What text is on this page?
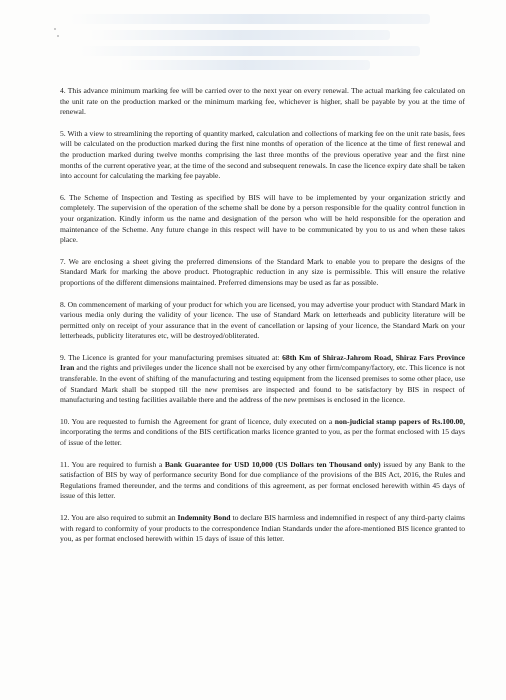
4. This advance minimum marking fee will be carried over to the next year on every renewal. The actual marking fee calculated on the unit rate on the production marked or the minimum marking fee, whichever is higher, shall be payable by you at the time of renewal.

5. With a view to streamlining the reporting of quantity marked, calculation and collections of marking fee on the unit rate basis, fees will be calculated on the production marked during the first nine months of operation of the licence at the time of first renewal and the production marked during twelve months comprising the last three months of the previous operative year and the first nine months of the current operative year, at the time of the second and subsequent renewals. In case the licence expiry date shall be taken into account for calculating the marking fee payable.

6. The Scheme of Inspection and Testing as specified by BIS will have to be implemented by your organization strictly and completely. The supervision of the operation of the scheme shall be done by a person responsible for the quality control function in your organization. Kindly inform us the name and designation of the person who will be held responsible for the operation and maintenance of the Scheme. Any future change in this respect will have to be communicated by you to us and when these takes place.

7. We are enclosing a sheet giving the preferred dimensions of the Standard Mark to enable you to prepare the designs of the Standard Mark for marking the above product. Photographic reduction in any size is permissible. This will ensure the relative proportions of the different dimensions maintained. Preferred dimensions may be used as far as possible.

8. On commencement of marking of your product for which you are licensed, you may advertise your product with Standard Mark in various media only during the validity of your licence. The use of Standard Mark on letterheads and publicity literature will be permitted only on receipt of your assurance that in the event of cancellation or lapsing of your licence, the Standard Mark on your letterheads, publicity literatures etc, will be destroyed/obliterated.

9. The Licence is granted for your manufacturing premises situated at: 68th Km of Shiraz-Jahrom Road, Shiraz Fars Province Iran and the rights and privileges under the licence shall not be exercised by any other firm/company/factory, etc. This licence is not transferable. In the event of shifting of the manufacturing and testing equipment from the licensed premises to some other place, use of Standard Mark shall be stopped till the new premises are inspected and found to be satisfactory by BIS in respect of manufacturing and testing facilities available there and the address of the new premises is enclosed in the licence.

10. You are requested to furnish the Agreement for grant of licence, duly executed on a non-judicial stamp papers of Rs.100.00, incorporating the terms and conditions of the BIS certification marks licence granted to you, as per the format enclosed with 15 days of issue of the letter.

11. You are required to furnish a Bank Guarantee for USD 10,000 (US Dollars ten Thousand only) issued by any Bank to the satisfaction of BIS by way of performance security Bond for due compliance of the provisions of the BIS Act, 2016, the Rules and Regulations framed thereunder, and the terms and conditions of this agreement, as per format enclosed herewith within 45 days of issue of this letter.

12. You are also required to submit an Indemnity Bond to declare BIS harmless and indemnified in respect of any third-party claims with regard to conformity of your products to the correspondence Indian Standards under the afore-mentioned BIS licence granted to you, as per format enclosed herewith within 15 days of issue of this letter.
